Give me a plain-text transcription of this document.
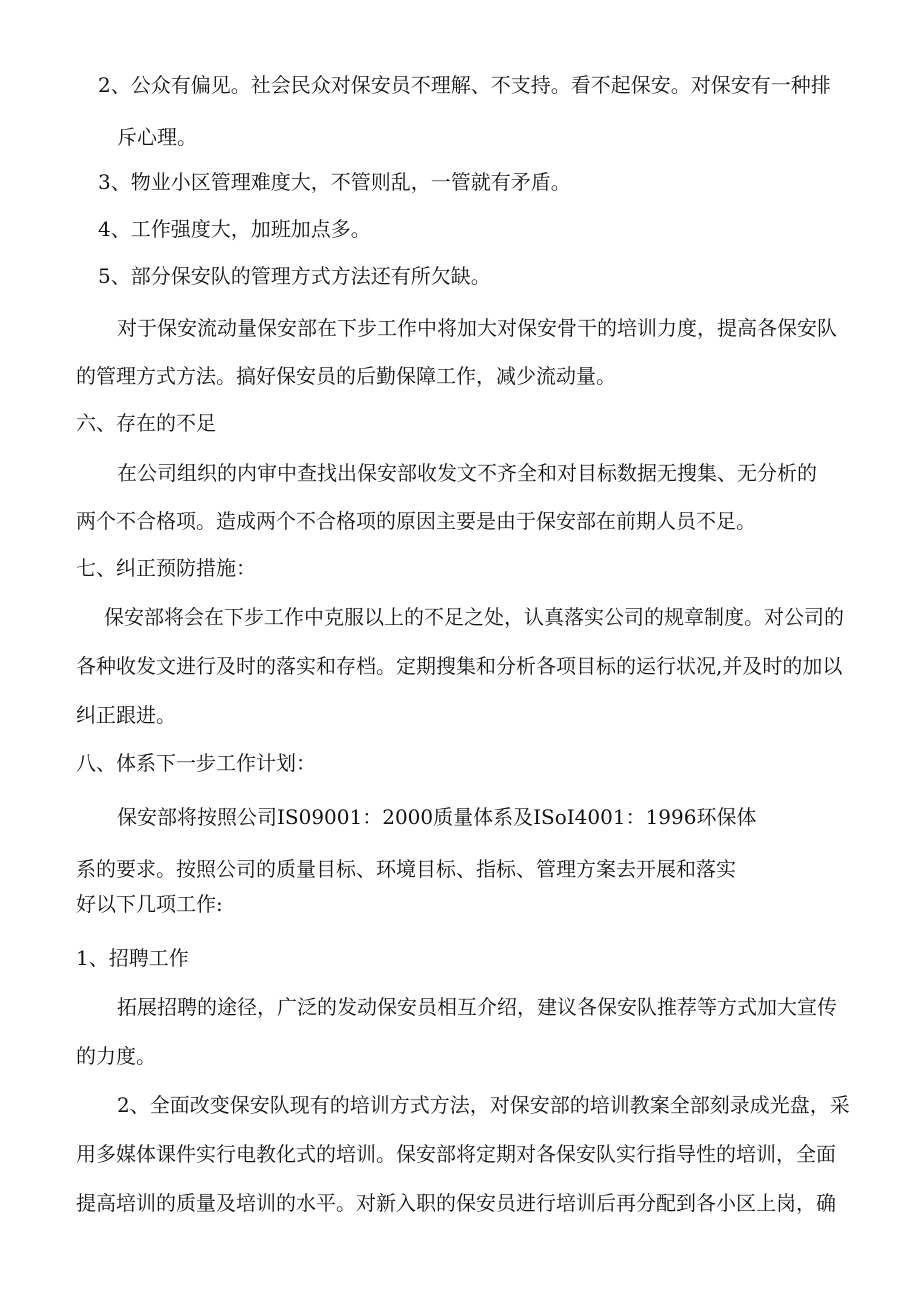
2、公众有偏见。社会民众对保安员不理解、不支持。看不起保安。对保安有一种排

斥心理。

3、物业小区管理难度大，不管则乱，一管就有矛盾。

4、工作强度大，加班加点多。

5、部分保安队的管理方式方法还有所欠缺。

对于保安流动量保安部在下步工作中将加大对保安骨干的培训力度，提高各保安队

的管理方式方法。搞好保安员的后勤保障工作，减少流动量。

六、存在的不足

在公司组织的内审中查找出保安部收发文不齐全和对目标数据无搜集、无分析的

两个不合格项。造成两个不合格项的原因主要是由于保安部在前期人员不足。

七、纠正预防措施：

保安部将会在下步工作中克服以上的不足之处，认真落实公司的规章制度。对公司的

各种收发文进行及时的落实和存档。定期搜集和分析各项目标的运行状况,并及时的加以

纠正跟进。

八、体系下一步工作计划：

保安部将按照公司IS09001：2000质量体系及ISoI4001：1996环保体

系的要求。按照公司的质量目标、环境目标、指标、管理方案去开展和落实

好以下几项工作:

1、招聘工作

拓展招聘的途径，广泛的发动保安员相互介绍，建议各保安队推荐等方式加大宣传

的力度。

2、全面改变保安队现有的培训方式方法，对保安部的培训教案全部刻录成光盘，采

用多媒体课件实行电教化式的培训。保安部将定期对各保安队实行指导性的培训，全面

提高培训的质量及培训的水平。对新入职的保安员进行培训后再分配到各小区上岗，确
